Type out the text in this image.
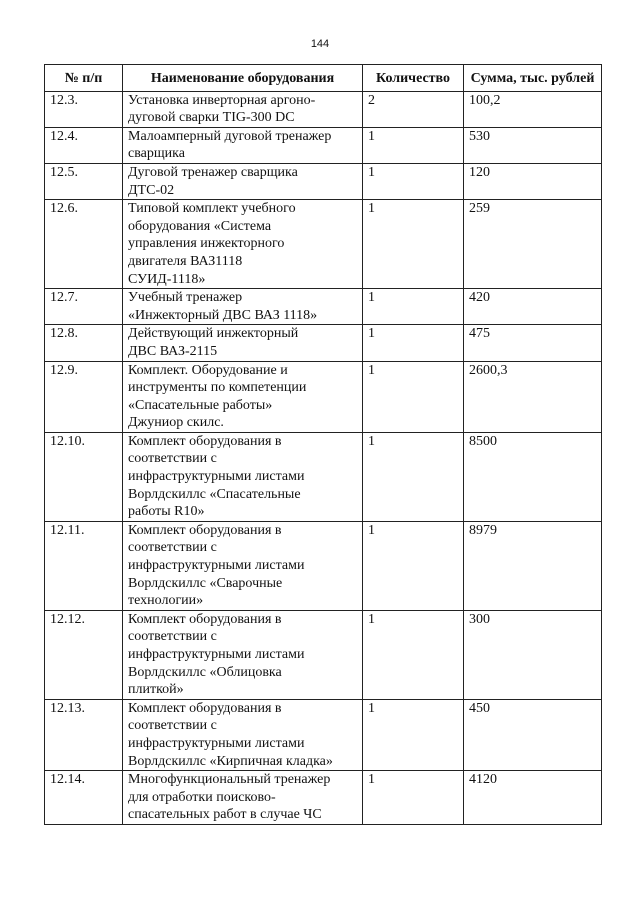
144
№ п/п	Наименование оборудования	Количество	Сумма, тыс. рублей
12.3.	Установка инверторная аргоно-
дуговой сварки TIG-300 DC	2	100,2
12.4.	Малоамперный дуговой тренажер
сварщика	1	530
12.5.	Дуговой тренажер сварщика
ДТС-02	1	120
12.6.	Типовой комплект учебного
оборудования «Система
управления инжекторного
двигателя ВАЗ1118
СУИД-1118»	1	259
12.7.	Учебный тренажер
«Инжекторный ДВС ВАЗ 1118»	1	420
12.8.	Действующий инжекторный
ДВС ВАЗ-2115	1	475
12.9.	Комплект. Оборудование и
инструменты по компетенции
«Спасательные работы»
Джуниор скилс.	1	2600,3
12.10.	Комплект оборудования в
соответствии с
инфраструктурными листами
Ворлдскиллс «Спасательные
работы R10»	1	8500
12.11.	Комплект оборудования в
соответствии с
инфраструктурными листами
Ворлдскиллс «Сварочные
технологии»	1	8979
12.12.	Комплект оборудования в
соответствии с
инфраструктурными листами
Ворлдскиллс «Облицовка
плиткой»	1	300
12.13.	Комплект оборудования в
соответствии с
инфраструктурными листами
Ворлдскиллс «Кирпичная кладка»	1	450
12.14.	Многофункциональный тренажер
для отработки поисково-
спасательных работ в случае ЧС	1	4120
